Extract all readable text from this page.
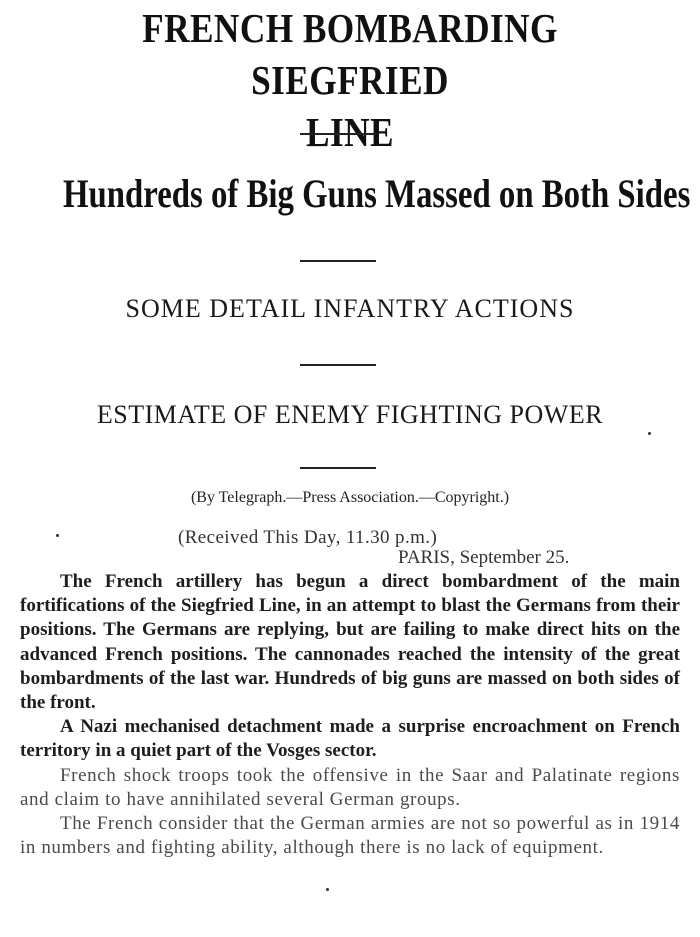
FRENCH BOMBARDING SIEGFRIED
LINE
Hundreds of Big Guns Massed on Both Sides
SOME DETAIL INFANTRY ACTIONS
ESTIMATE OF ENEMY FIGHTING POWER
(By Telegraph.—Press Association.—Copyright.)
(Received This Day, 11.30 p.m.)
PARIS, September 25.

The French artillery has begun a direct bombardment of the main fortifications of the Siegfried Line, in an attempt to blast the Germans from their positions. The Germans are replying, but are failing to make direct hits on the advanced French positions. The cannonades reached the intensity of the great bombardments of the last war. Hundreds of big guns are massed on both sides of the front.

A Nazi mechanised detachment made a surprise encroachment on French territory in a quiet part of the Vosges sector.

French shock troops took the offensive in the Saar and Palatinate regions and claim to have annihilated several German groups.

The French consider that the German armies are not so powerful as in 1914 in numbers and fighting ability, although there is no lack of equipment.
